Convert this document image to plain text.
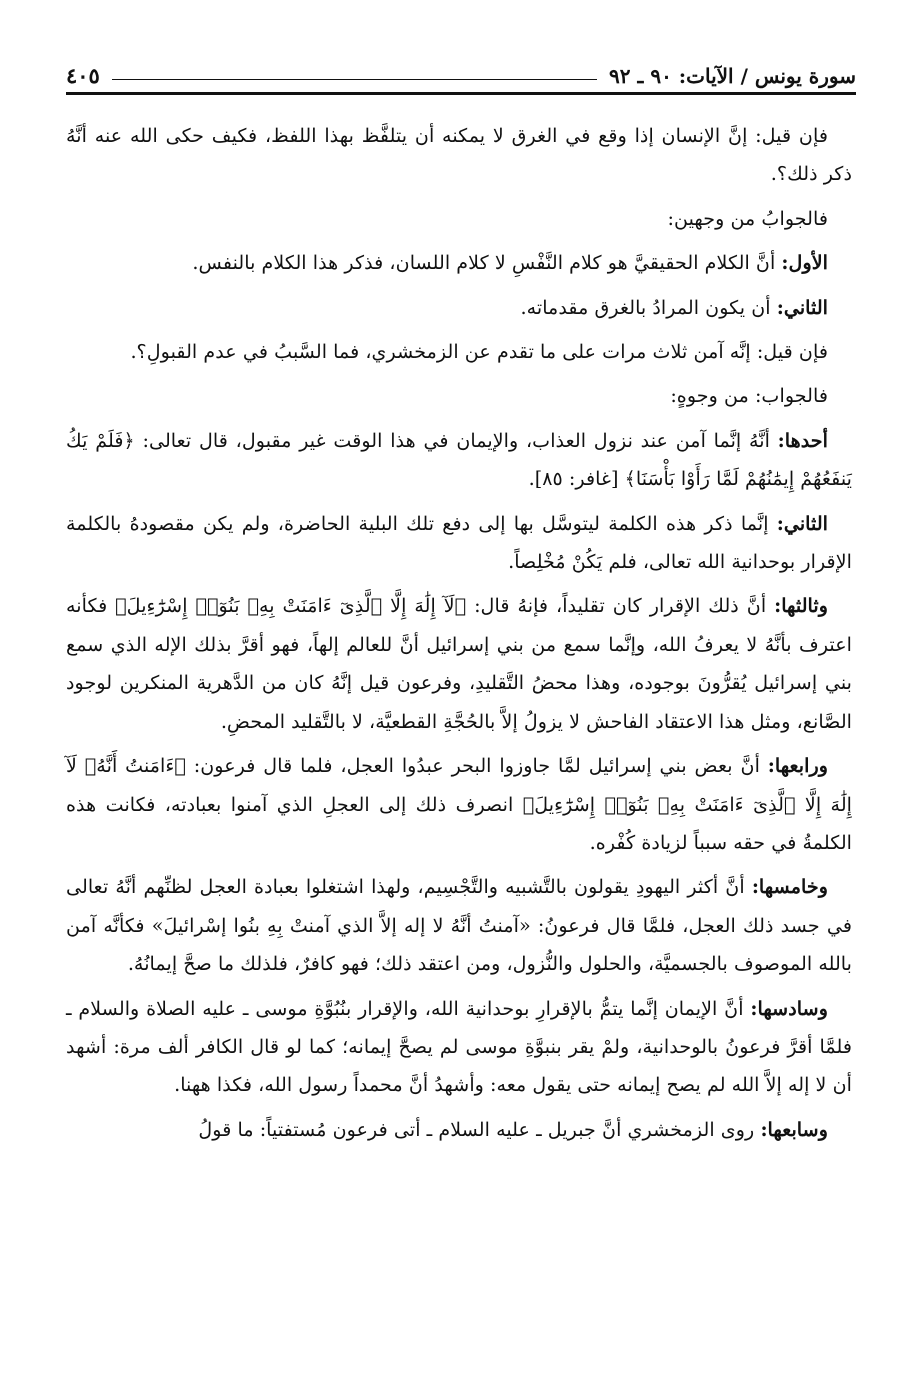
سورة يونس / الآيات: ٩٠ ـ ٩٢
٤٠٥

فإن قيل: إنَّ الإنسان إذا وقع في الغرق لا يمكنه أن يتلفَّظ بهذا اللفظ، فكيف حكى الله عنه أنَّهُ ذكر ذلك؟.

فالجوابُ من وجهين:

الأول: أنَّ الكلام الحقيقيَّ هو كلام النَّفْسِ لا كلام اللسان، فذكر هذا الكلام بالنفس.

الثاني: أن يكون المرادُ بالغرق مقدماته.

فإن قيل: إنَّه آمن ثلاث مرات على ما تقدم عن الزمخشري، فما السَّببُ في عدم القبولِ؟.

فالجواب: من وجوهٍ:

أحدها: أنَّهُ إنَّما آمن عند نزول العذاب، والإيمان في هذا الوقت غير مقبول، قال تعالى: ﴿فَلَمْ يَكُ يَنفَعُهُمْ إِيمَٰنُهُمْ لَمَّا رَأَوْا بَأْسَنَا﴾ [غافر: ٨٥].

الثاني: إنَّما ذكر هذه الكلمة ليتوسَّل بها إلى دفع تلك البلية الحاضرة، ولم يكن مقصودهُ بالكلمة الإقرار بوحدانية الله تعالى، فلم يَكُنْ مُخْلِصاً.

وثالثها: أنَّ ذلك الإقرار كان تقليداً، فإنهُ قال: ﴿لَآ إِلَٰهَ إِلَّا ٱلَّذِىٓ ءَامَنَتْ بِهِۦ بَنُوٓا۟ إِسْرَٰٓءِيلَ﴾ فكأنه اعترف بأنَّهُ لا يعرفُ الله، وإنَّما سمع من بني إسرائيل أنَّ للعالم إلهاً، فهو أقرَّ بذلك الإله الذي سمع بني إسرائيل يُقرُّونَ بوجوده، وهذا محضُ التَّقليدِ، وفرعون قيل إنَّهُ كان من الدَّهرية المنكرين لوجود الصَّانع، ومثل هذا الاعتقاد الفاحش لا يزولُ إلاَّ بالحُجَّةِ القطعيَّة، لا بالتَّقليد المحضِ.

ورابعها: أنَّ بعض بني إسرائيل لمَّا جاوزوا البحر عبدُوا العجل، فلما قال فرعون: ﴿ءَامَنتُ أَنَّهُۥ لَآ إِلَٰهَ إِلَّا ٱلَّذِىٓ ءَامَنَتْ بِهِۦ بَنُوٓا۟ إِسْرَٰٓءِيلَ﴾ انصرف ذلك إلى العجلِ الذي آمنوا بعبادته، فكانت هذه الكلمةُ في حقه سبباً لزيادة كُفْره.

وخامسها: أنَّ أكثر اليهودِ يقولون بالتَّشبيه والتَّجْسِيم، ولهذا اشتغلوا بعبادة العجل لظنِّهم أنَّهُ تعالى في جسد ذلك العجل، فلمَّا قال فرعونُ: «آمنتُ أنَّهُ لا إله إلاَّ الذي آمنتْ بِهِ بنُوا إسْرائيلَ» فكأنَّه آمن بالله الموصوف بالجسميَّة، والحلول والنُّزول، ومن اعتقد ذلك؛ فهو كافرٌ، فلذلك ما صحَّ إيمانُهُ.

وسادسها: أنَّ الإيمان إنَّما يتمُّ بالإقرارِ بوحدانية الله، والإقرار بنُبُوَّةِ موسى ـ عليه الصلاة والسلام ـ فلمَّا أقرَّ فرعونُ بالوحدانية، ولمْ يقر بنبوَّةِ موسى لم يصحَّ إيمانه؛ كما لو قال الكافر ألف مرة: أشهد أن لا إله إلاَّ الله لم يصح إيمانه حتى يقول معه: وأشهدُ أنَّ محمداً رسول الله، فكذا ههنا.

وسابعها: روى الزمخشري أنَّ جبريل ـ عليه السلام ـ أتى فرعون مُستفتياً: ما قولُ
